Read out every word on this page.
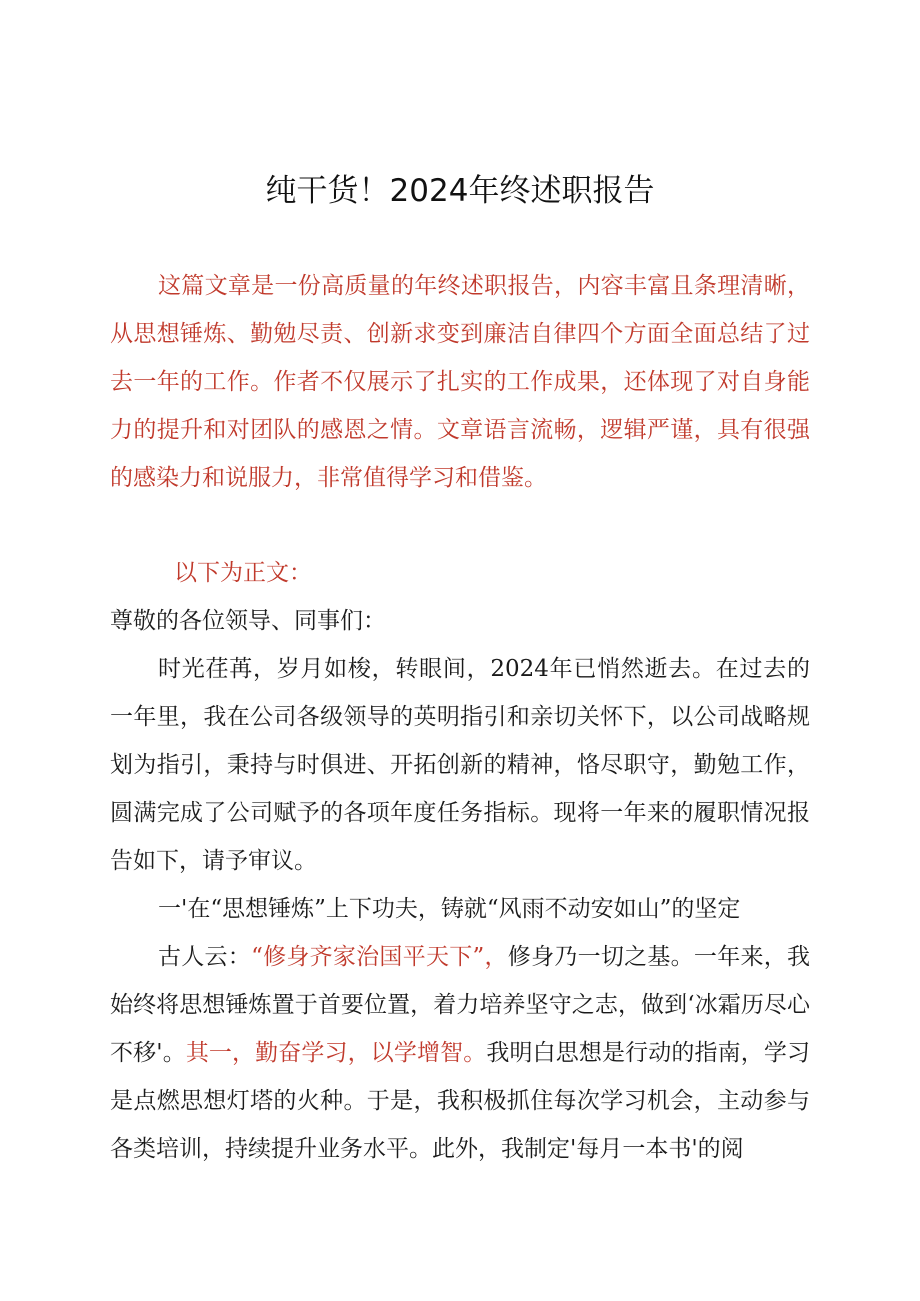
纯干货！2024年终述职报告

这篇文章是一份高质量的年终述职报告，内容丰富且条理清晰，从思想锤炼、勤勉尽责、创新求变到廉洁自律四个方面全面总结了过去一年的工作。作者不仅展示了扎实的工作成果，还体现了对自身能力的提升和对团队的感恩之情。文章语言流畅，逻辑严谨，具有很强的感染力和说服力，非常值得学习和借鉴。

以下为正文：
尊敬的各位领导、同事们：

时光荏苒，岁月如梭，转眼间，2024年已悄然逝去。在过去的一年里，我在公司各级领导的英明指引和亲切关怀下，以公司战略规划为指引，秉持与时俱进、开拓创新的精神，恪尽职守，勤勉工作，圆满完成了公司赋予的各项年度任务指标。现将一年来的履职情况报告如下，请予审议。

一'在“思想锤炼”上下功夫，铸就“风雨不动安如山”的坚定

古人云：“修身齐家治国平天下”，修身乃一切之基。一年来，我始终将思想锤炼置于首要位置，着力培养坚守之志，做到‘冰霜历尽心不移'。其一，勤奋学习，以学增智。我明白思想是行动的指南，学习是点燃思想灯塔的火种。于是，我积极抓住每次学习机会，主动参与各类培训，持续提升业务水平。此外，我制定'每月一本书'的阅
